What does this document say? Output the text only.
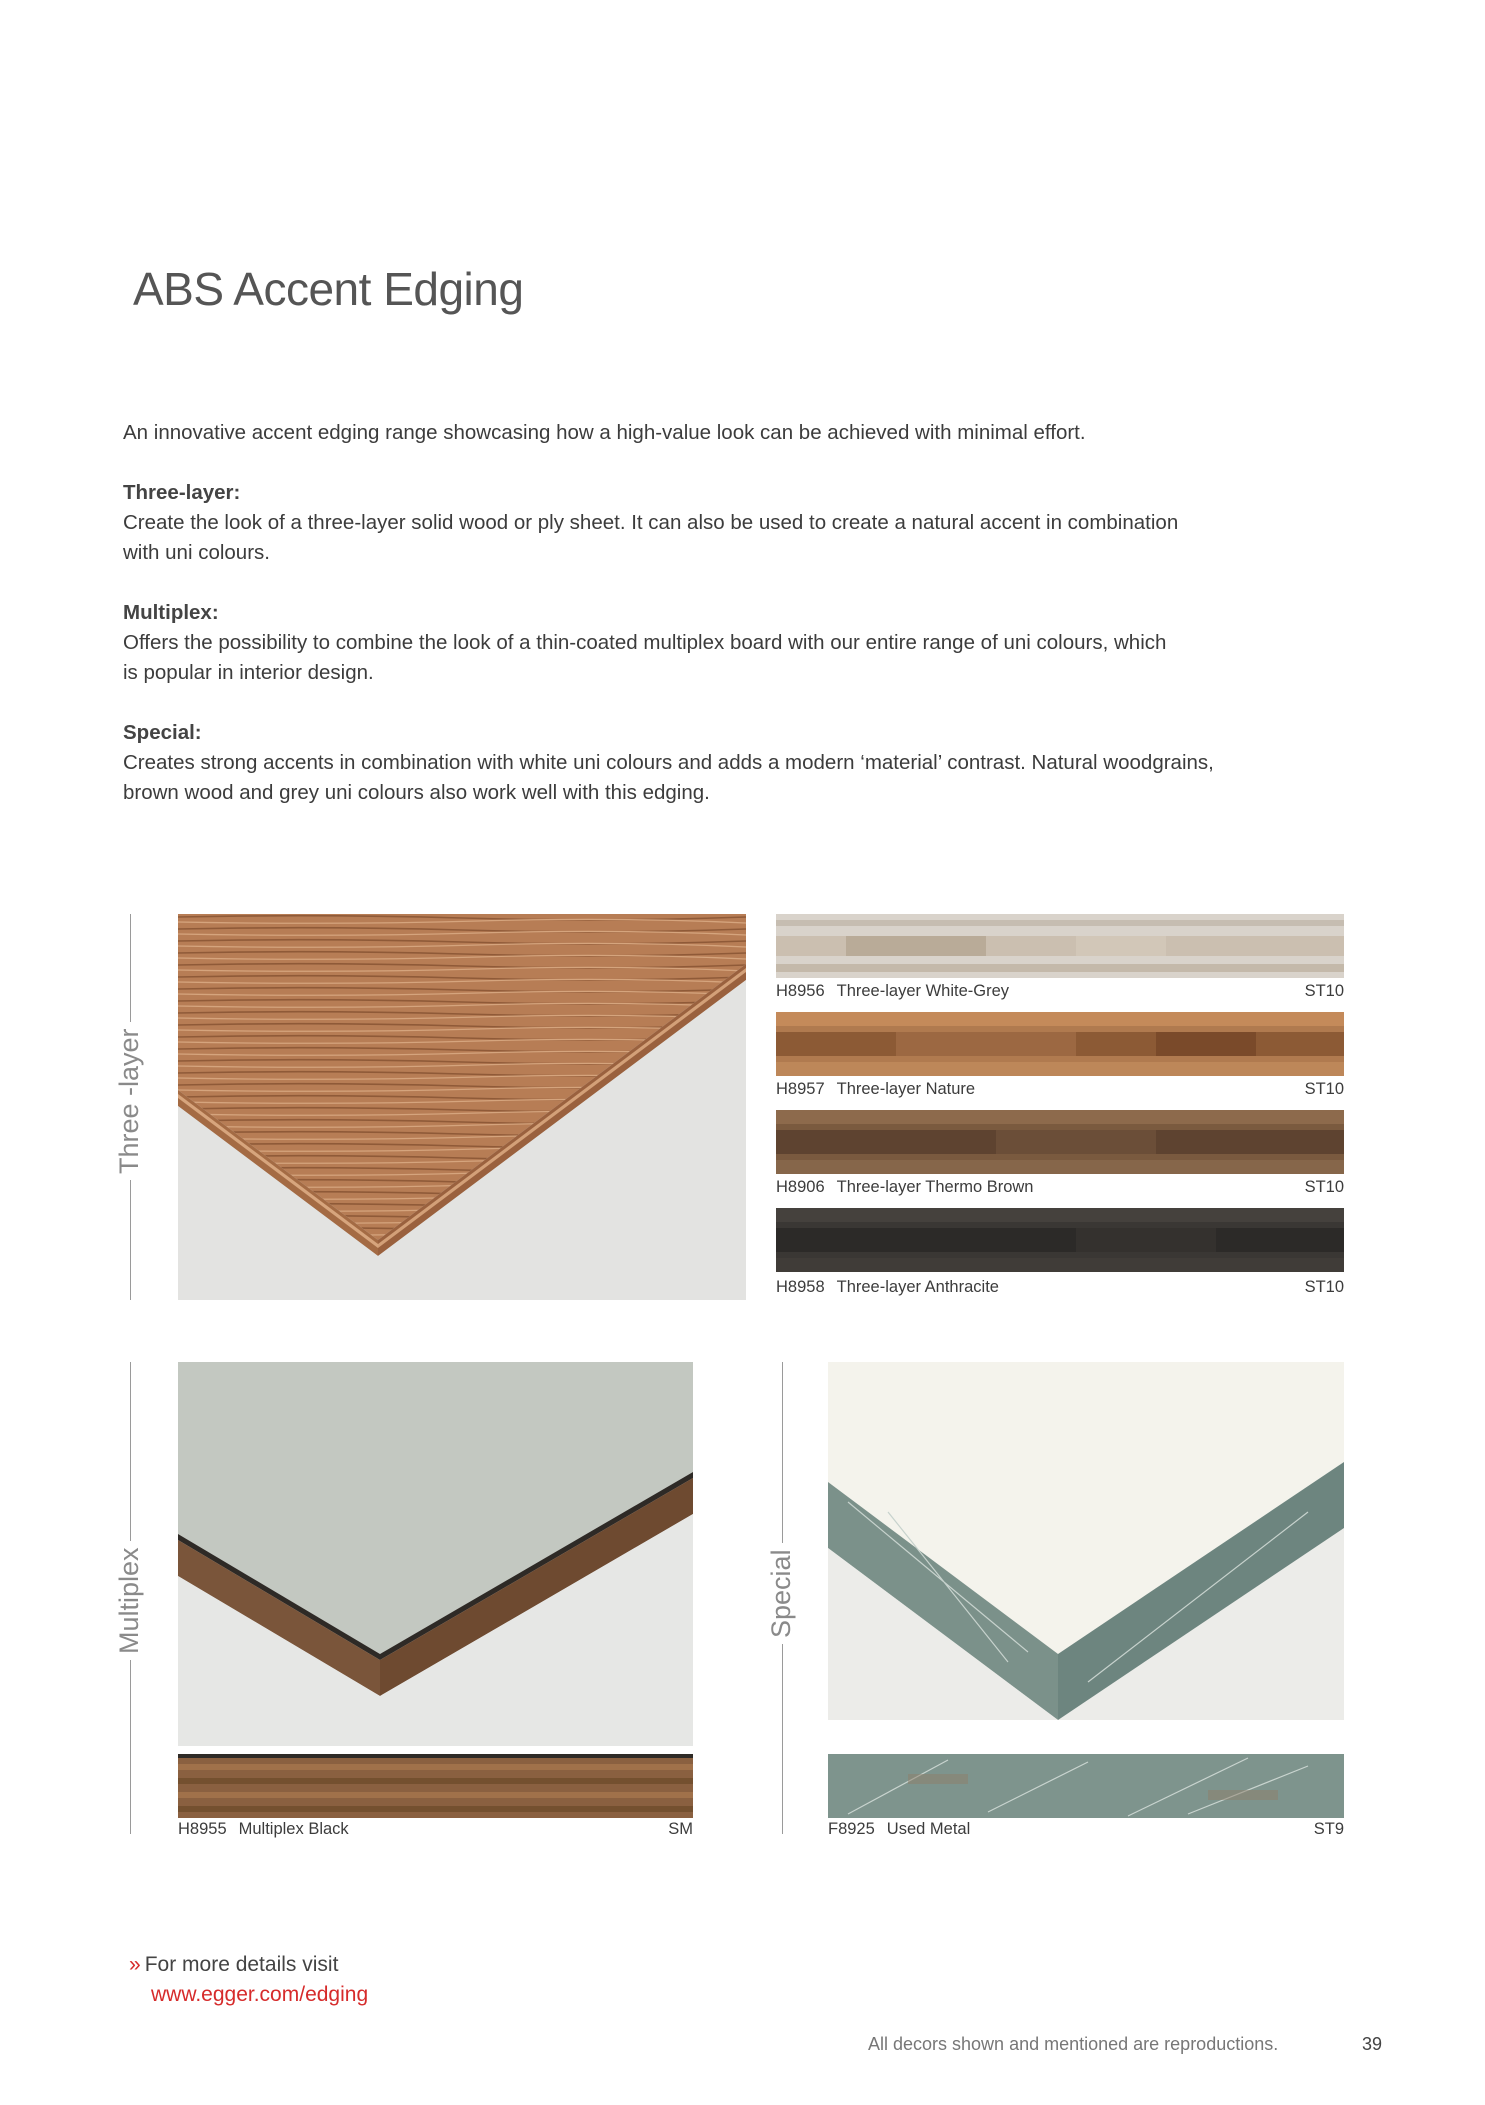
ABS Accent Edging

An innovative accent edging range showcasing how a high-value look can be achieved with minimal effort.

Three-layer:

Create the look of a three-layer solid wood or ply sheet. It can also be used to create a natural accent in combination

with uni colours.

Multiplex:

Offers the possibility to combine the look of a thin-coated multiplex board with our entire range of uni colours, which

is popular in interior design.

Special:

Creates strong accents in combination with white uni colours and adds a modern ‘material’ contrast. Natural woodgrains,

brown wood and grey uni colours also work well with this edging.

Three -layer
H8956 Three-layer White-Grey	ST10
H8957 Three-layer Nature	ST10
H8906 Three-layer Thermo Brown	ST10
H8958 Three-layer Anthracite	ST10
Multiplex
H8955 Multiplex Black	SM
Special
F8925 Used Metal	ST9
» For more details visit
www.egger.com/edging
All decors shown and mentioned are reproductions.	39
